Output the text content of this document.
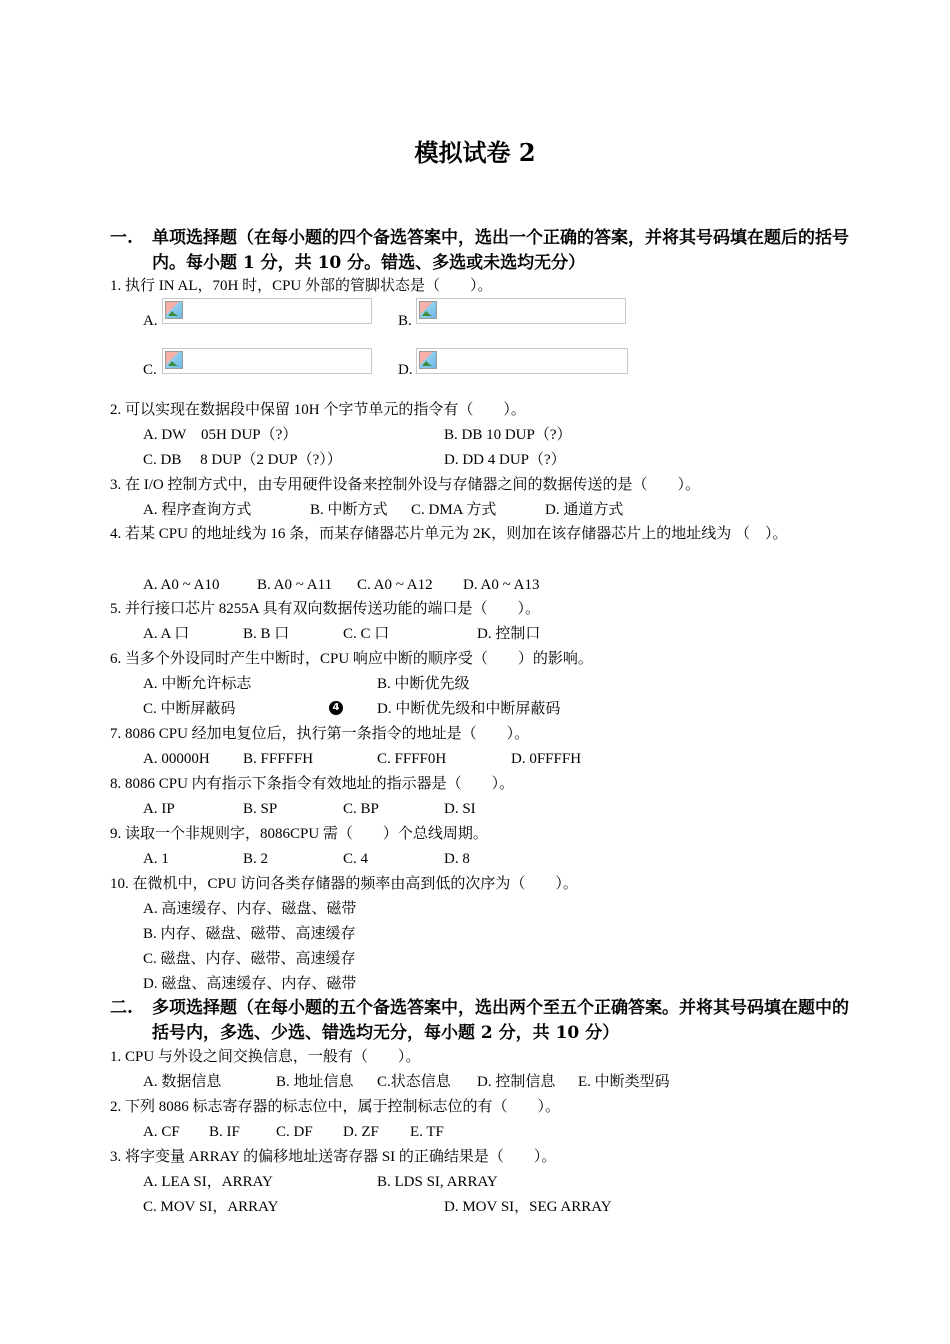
模拟试卷 2
一.	单项选择题（在每小题的四个备选答案中，选出一个正确的答案，并将其号码填在题后的括号内。每小题 1 分，共 10 分。错选、多选或未选均无分）
1. 执行 IN AL，70H 时，CPU 外部的管脚状态是（　　）。
A.	B.
C.	D.
2. 可以实现在数据段中保留 10H 个字节单元的指令有（　　）。
A. DW　05H DUP（?）	B. DB 10 DUP（?）
C. DB　 8 DUP（2 DUP（?））	D. DD 4 DUP（?）
3. 在 I/O 控制方式中，由专用硬件设备来控制外设与存储器之间的数据传送的是（　　）。
A. 程序查询方式	B. 中断方式 C. DMA 方式	D. 通道方式
4. 若某 CPU 的地址线为 16 条，而某存储器芯片单元为 2K，则加在该存储器芯片上的地址线为 （　）。
A. A0 ~ A10	B. A0 ~ A11 C. A0 ~ A12 D. A0 ~ A13
5. 并行接口芯片 8255A 具有双向数据传送功能的端口是（　　）。
A. A 口	B. B 口	C. C 口	D. 控制口
6. 当多个外设同时产生中断时，CPU 响应中断的顺序受（　　）的影响。
A. 中断允许标志	B. 中断优先级
C. 中断屏蔽码	4	D. 中断优先级和中断屏蔽码
7. 8086 CPU 经加电复位后，执行第一条指令的地址是（　　）。
A. 00000H B. FFFFFH	C. FFFF0H	D. 0FFFFH
8. 8086 CPU 内有指示下条指令有效地址的指示器是（　　）。
A. IP	B. SP	C. BP	D. SI
9. 读取一个非规则字，8086CPU 需（　　）个总线周期。
A. 1	B. 2	C. 4	D. 8
10. 在微机中，CPU 访问各类存储器的频率由高到低的次序为（　　）。
A. 高速缓存、内存、磁盘、磁带
B. 内存、磁盘、磁带、高速缓存
C. 磁盘、内存、磁带、高速缓存
D. 磁盘、高速缓存、内存、磁带
二.	多项选择题（在每小题的五个备选答案中，选出两个至五个正确答案。并将其号码填在题中的括号内，多选、少选、错选均无分，每小题 2 分，共 10 分）
1. CPU 与外设之间交换信息，一般有（　　）。
A. 数据信息	B. 地址信息 C.状态信息 D. 控制信息 E. 中断类型码
2. 下列 8086 标志寄存器的标志位中，属于控制标志位的有（　　）。
A. CF B. IF C. DF D. ZF E. TF
3. 将字变量 ARRAY 的偏移地址送寄存器 SI 的正确结果是（　　）。
A. LEA SI，ARRAY	B. LDS SI, ARRAY
C. MOV SI，ARRAY	D. MOV SI，SEG ARRAY
